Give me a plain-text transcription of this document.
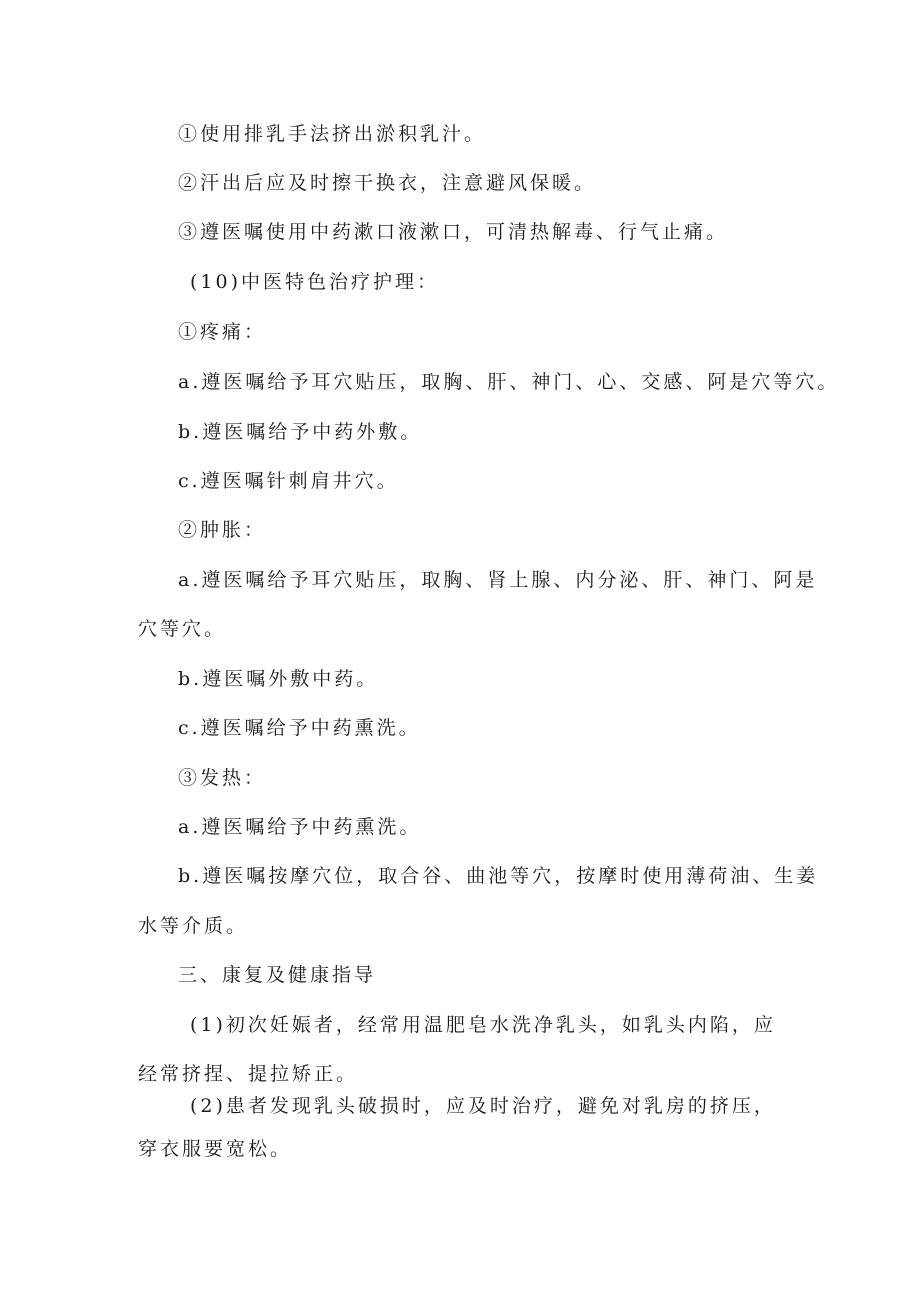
①使用排乳手法挤出淤积乳汁。
②汗出后应及时擦干换衣，注意避风保暖。
③遵医嘱使用中药漱口液漱口，可清热解毒、行气止痛。
(10)中医特色治疗护理：
①疼痛：
a.遵医嘱给予耳穴贴压，取胸、肝、神门、心、交感、阿是穴等穴。
b.遵医嘱给予中药外敷。
c.遵医嘱针刺肩井穴。
②肿胀：
a.遵医嘱给予耳穴贴压，取胸、肾上腺、内分泌、肝、神门、阿是
穴等穴。
b.遵医嘱外敷中药。
c.遵医嘱给予中药熏洗。
③发热：
a.遵医嘱给予中药熏洗。
b.遵医嘱按摩穴位，取合谷、曲池等穴，按摩时使用薄荷油、生姜
水等介质。
三、康复及健康指导
(1)初次妊娠者，经常用温肥皂水洗净乳头，如乳头内陷，应
经常挤捏、提拉矫正。
(2)患者发现乳头破损时，应及时治疗，避免对乳房的挤压，
穿衣服要宽松。
